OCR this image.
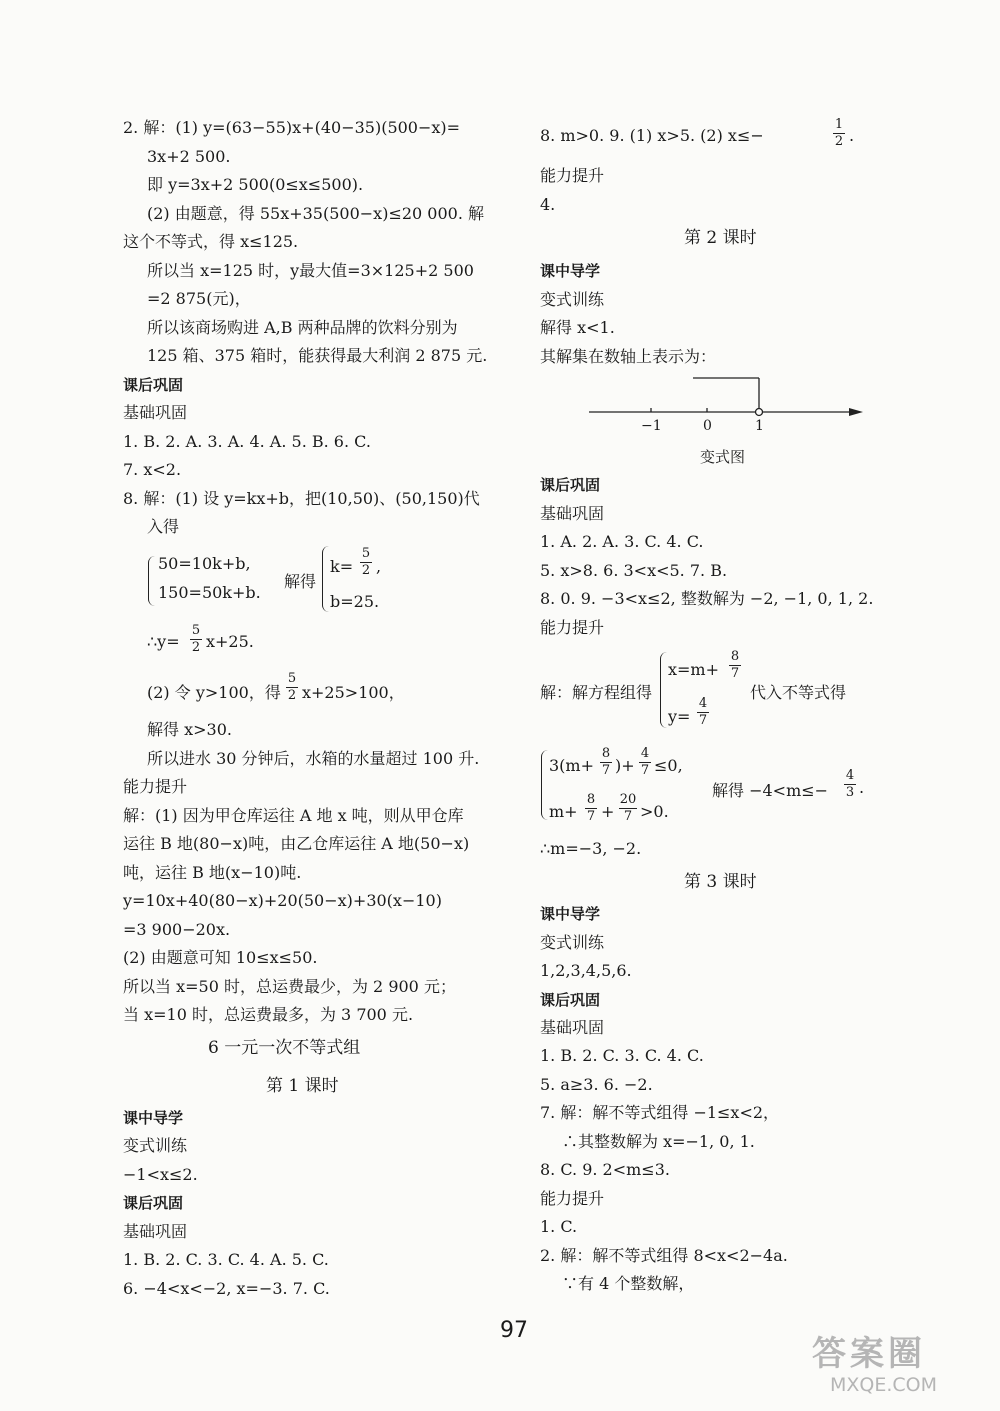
2. 解：(1) y=(63−55)x+(40−35)(500−x)=
3x+2 500.
即 y=3x+2 500(0≤x≤500).
(2) 由题意，得 55x+35(500−x)≤20 000. 解
这个不等式，得 x≤125.
所以当 x=125 时，y最大值=3×125+2 500
=2 875(元)，
所以该商场购进 A,B 两种品牌的饮料分别为
125 箱、375 箱时，能获得最大利润 2 875 元.
课后巩固
基础巩固
1. B. 2. A. 3. A. 4. A. 5. B. 6. C.
7. x<2.
8. 解：(1) 设 y=kx+b，把(10,50)、(50,150)代
入得
50=10k+b,
150=50k+b.
解得
k=
5
2 ,
b=25.
∴y=
5
2 x+25.
(2) 令 y>100，得
5
2 x+25>100，
解得 x>30.
所以进水 30 分钟后，水箱的水量超过 100 升.
能力提升
解：(1) 因为甲仓库运往 A 地 x 吨，则从甲仓库
运往 B 地(80−x)吨，由乙仓库运往 A 地(50−x)
吨，运往 B 地(x−10)吨.
y=10x+40(80−x)+20(50−x)+30(x−10)
=3 900−20x.
(2) 由题意可知 10≤x≤50.
所以当 x=50 时，总运费最少，为 2 900 元；
当 x=10 时，总运费最多，为 3 700 元.
6 一元一次不等式组
第 1 课时
课中导学
变式训练
−1<x≤2.
课后巩固
基础巩固
1. B. 2. C. 3. C. 4. A. 5. C.
6. −4<x<−2, x=−3. 7. C.
8. m>0. 9. (1) x>5. (2) x≤−
1
2 .
能力提升
4.
第 2 课时
课中导学
变式训练
解得 x<1.
其解集在数轴上表示为：
−1	0	1
变式图
课后巩固
基础巩固
1. A. 2. A. 3. C. 4. C.
5. x>8. 6. 3<x<5. 7. B.
8. 0. 9. −3<x≤2, 整数解为 −2, −1, 0, 1, 2.
能力提升
解：解方程组得
x=m+
8
7
y=
4
7
代入不等式得
3(m+
8
7 )+
4
7 ≤0,
m+
8
7 +
20
7 >0.
解得 −4<m≤−
4
3 .
∴m=−3, −2.
第 3 课时
课中导学
变式训练
1,2,3,4,5,6.
课后巩固
基础巩固
1. B. 2. C. 3. C. 4. C.
5. a≥3. 6. −2.
7. 解：解不等式组得 −1≤x<2，
∴其整数解为 x=−1, 0, 1.
8. C. 9. 2<m≤3.
能力提升
1. C.
2. 解：解不等式组得 8<x<2−4a.
∵有 4 个整数解，
97
答案圈
MXQE.COM
